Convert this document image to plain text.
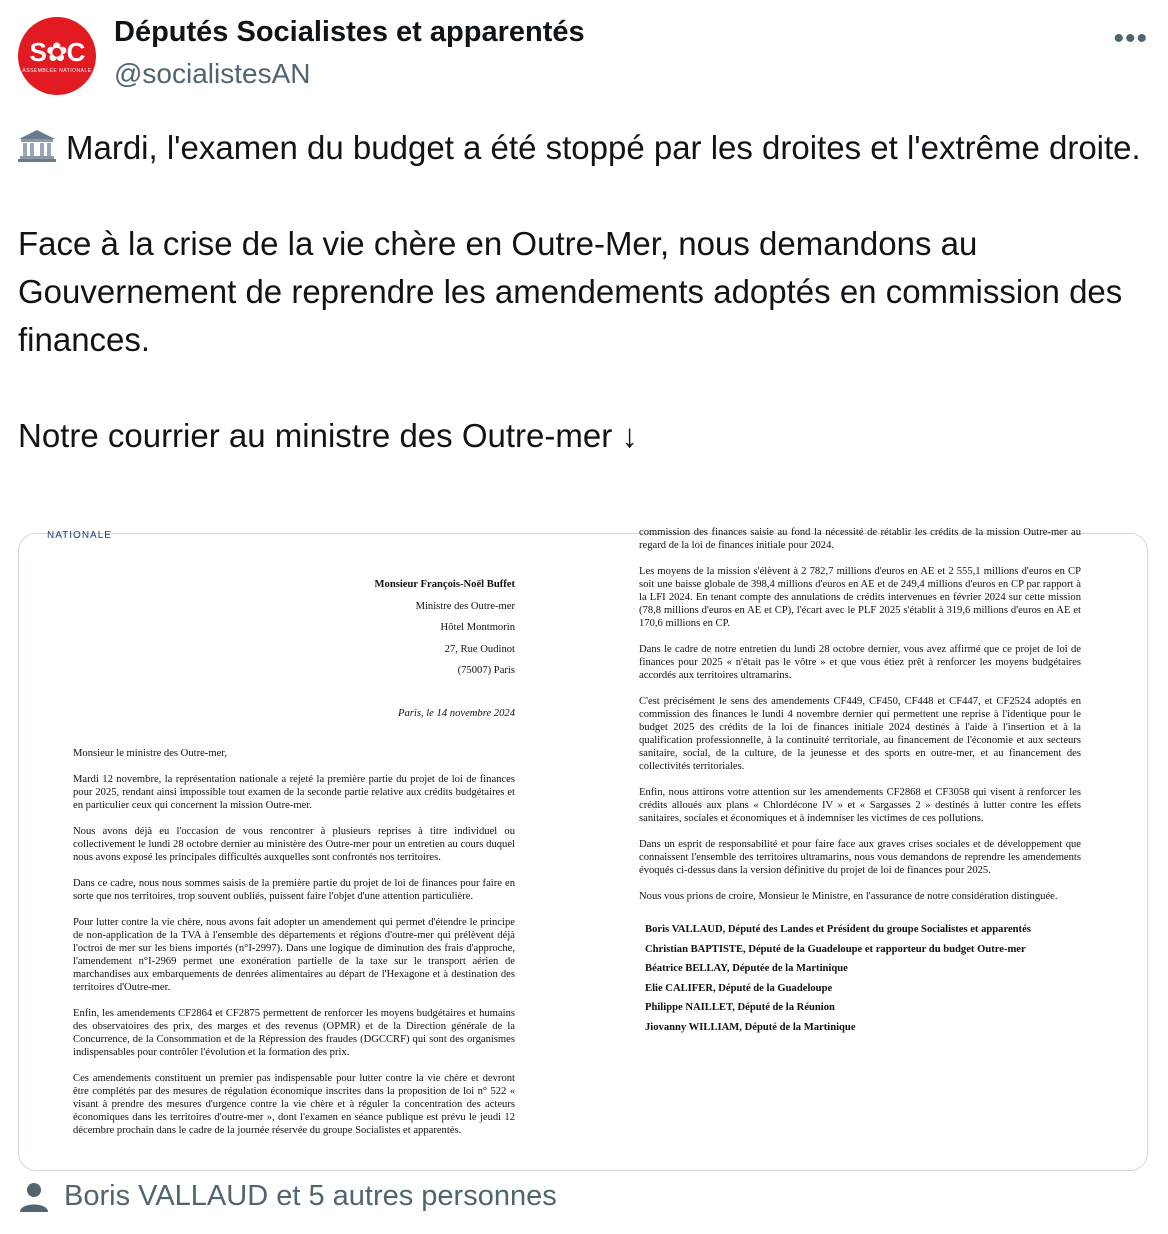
S✿C
ASSEMBLÉE NATIONALE
Députés Socialistes et apparentés
@socialistesAN
•••

Mardi, l'examen du budget a été stoppé par les droites et l'extrême droite.

Face à la crise de la vie chère en Outre-Mer, nous demandons au Gouvernement de reprendre les amendements adoptés en commission des finances.

Notre courrier au ministre des Outre-mer ↓

NATIONALE
Monsieur François-Noël Buffet
Ministre des Outre-mer
Hôtel Montmorin
27, Rue Oudinot
(75007) Paris
Paris, le 14 novembre 2024

Monsieur le ministre des Outre-mer,

Mardi 12 novembre, la représentation nationale a rejeté la première partie du projet de loi de finances pour 2025, rendant ainsi impossible tout examen de la seconde partie relative aux crédits budgétaires et en particulier ceux qui concernent la mission Outre-mer.

Nous avons déjà eu l'occasion de vous rencontrer à plusieurs reprises à titre individuel ou collectivement le lundi 28 octobre dernier au ministère des Outre-mer pour un entretien au cours duquel nous avons exposé les principales difficultés auxquelles sont confrontés nos territoires.

Dans ce cadre, nous nous sommes saisis de la première partie du projet de loi de finances pour faire en sorte que nos territoires, trop souvent oubliés, puissent faire l'objet d'une attention particulière.

Pour lutter contre la vie chère, nous avons fait adopter un amendement qui permet d'étendre le principe de non-application de la TVA à l'ensemble des départements et régions d'outre-mer qui prélèvent déjà l'octroi de mer sur les biens importés (n°I-2997). Dans une logique de diminution des frais d'approche, l'amendement n°I-2969 permet une exonération partielle de la taxe sur le transport aérien de marchandises aux embarquements de denrées alimentaires au départ de l'Hexagone et à destination des territoires d'Outre-mer.

Enfin, les amendements CF2864 et CF2875 permettent de renforcer les moyens budgétaires et humains des observatoires des prix, des marges et des revenus (OPMR) et de la Direction générale de la Concurrence, de la Consommation et de la Répression des fraudes (DGCCRF) qui sont des organismes indispensables pour contrôler l'évolution et la formation des prix.

Ces amendements constituent un premier pas indispensable pour lutter contre la vie chère et devront être complétés par des mesures de régulation économique inscrites dans la proposition de loi n° 522 « visant à prendre des mesures d'urgence contre la vie chère et à réguler la concentration des acteurs économiques dans les territoires d'outre-mer », dont l'examen en séance publique est prévu le jeudi 12 décembre prochain dans le cadre de la journée réservée du groupe Socialistes et apparentés.

commission des finances saisie au fond la nécessité de rétablir les crédits de la mission Outre-mer au regard de la loi de finances initiale pour 2024.

Les moyens de la mission s'élèvent à 2 782,7 millions d'euros en AE et 2 555,1 millions d'euros en CP soit une baisse globale de 398,4 millions d'euros en AE et de 249,4 millions d'euros en CP par rapport à la LFI 2024. En tenant compte des annulations de crédits intervenues en février 2024 sur cette mission (78,8 millions d'euros en AE et CP), l'écart avec le PLF 2025 s'établit à 319,6 millions d'euros en AE et 170,6 millions en CP.

Dans le cadre de notre entretien du lundi 28 octobre dernier, vous avez affirmé que ce projet de loi de finances pour 2025 « n'était pas le vôtre » et que vous étiez prêt à renforcer les moyens budgétaires accordés aux territoires ultramarins.

C'est précisément le sens des amendements CF449, CF450, CF448 et CF447, et CF2524 adoptés en commission des finances le lundi 4 novembre dernier qui permettent une reprise à l'identique pour le budget 2025 des crédits de la loi de finances initiale 2024 destinés à l'aide à l'insertion et à la qualification professionnelle, à la continuité territoriale, au financement de l'économie et aux secteurs sanitaire, social, de la culture, de la jeunesse et des sports en outre-mer, et au financement des collectivités territoriales.

Enfin, nous attirons votre attention sur les amendements CF2868 et CF3058 qui visent à renforcer les crédits alloués aux plans « Chlordécone IV » et « Sargasses 2 » destinés à lutter contre les effets sanitaires, sociales et économiques et à indemniser les victimes de ces pollutions.

Dans un esprit de responsabilité et pour faire face aux graves crises sociales et de développement que connaissent l'ensemble des territoires ultramarins, nous vous demandons de reprendre les amendements évoqués ci-dessus dans la version définitive du projet de loi de finances pour 2025.

Nous vous prions de croire, Monsieur le Ministre, en l'assurance de notre considération distinguée.

Boris VALLAUD, Député des Landes et Président du groupe Socialistes et apparentés
Christian BAPTISTE, Député de la Guadeloupe et rapporteur du budget Outre-mer
Béatrice BELLAY, Députée de la Martinique
Elie CALIFER, Député de la Guadeloupe
Philippe NAILLET, Député de la Réunion
Jiovanny WILLIAM, Député de la Martinique
Boris VALLAUD et 5 autres personnes
